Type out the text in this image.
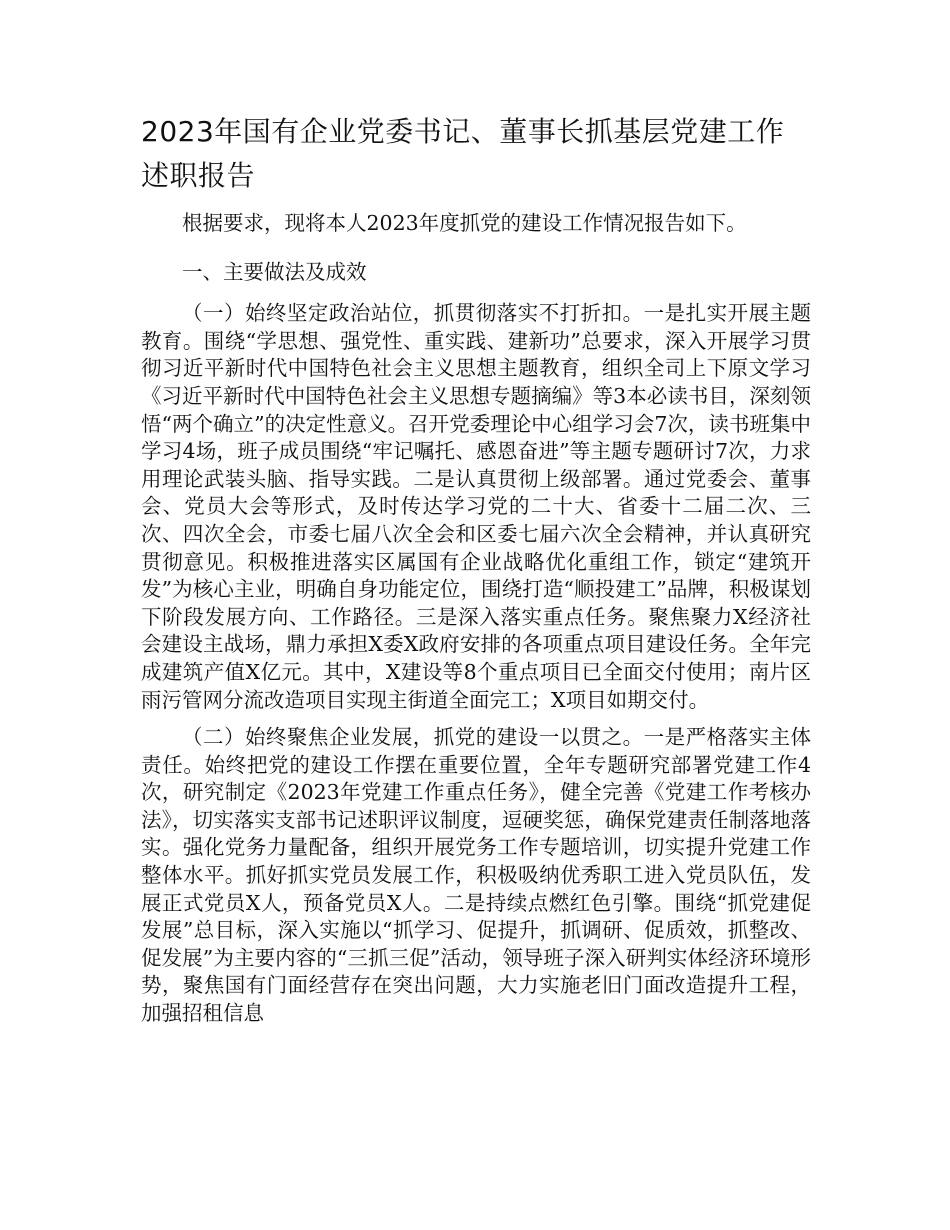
2023年国有企业党委书记、董事长抓基层党建工作述职报告

根据要求，现将本人2023年度抓党的建设工作情况报告如下。

一、主要做法及成效

（一）始终坚定政治站位，抓贯彻落实不打折扣。一是扎实开展主题教育。围绕“学思想、强党性、重实践、建新功”总要求，深入开展学习贯彻习近平新时代中国特色社会主义思想主题教育，组织全司上下原文学习《习近平新时代中国特色社会主义思想专题摘编》等3本必读书目，深刻领悟“两个确立”的决定性意义。召开党委理论中心组学习会7次，读书班集中学习4场，班子成员围绕“牢记嘱托、感恩奋进”等主题专题研讨7次，力求用理论武装头脑、指导实践。二是认真贯彻上级部署。通过党委会、董事会、党员大会等形式，及时传达学习党的二十大、省委十二届二次、三次、四次全会，市委七届八次全会和区委七届六次全会精神，并认真研究贯彻意见。积极推进落实区属国有企业战略优化重组工作，锁定“建筑开发”为核心主业，明确自身功能定位，围绕打造“顺投建工”品牌，积极谋划下阶段发展方向、工作路径。三是深入落实重点任务。聚焦聚力X经济社会建设主战场，鼎力承担X委X政府安排的各项重点项目建设任务。全年完成建筑产值X亿元。其中，X建设等8个重点项目已全面交付使用；南片区雨污管网分流改造项目实现主街道全面完工；X项目如期交付。

（二）始终聚焦企业发展，抓党的建设一以贯之。一是严格落实主体责任。始终把党的建设工作摆在重要位置，全年专题研究部署党建工作4次，研究制定《2023年党建工作重点任务》，健全完善《党建工作考核办法》，切实落实支部书记述职评议制度，逗硬奖惩，确保党建责任制落地落实。强化党务力量配备，组织开展党务工作专题培训，切实提升党建工作整体水平。抓好抓实党员发展工作，积极吸纳优秀职工进入党员队伍，发展正式党员X人，预备党员X人。二是持续点燃红色引擎。围绕“抓党建促发展”总目标，深入实施以“抓学习、促提升，抓调研、促质效，抓整改、促发展”为主要内容的“三抓三促”活动，领导班子深入研判实体经济环境形势，聚焦国有门面经营存在突出问题，大力实施老旧门面改造提升工程，加强招租信息
